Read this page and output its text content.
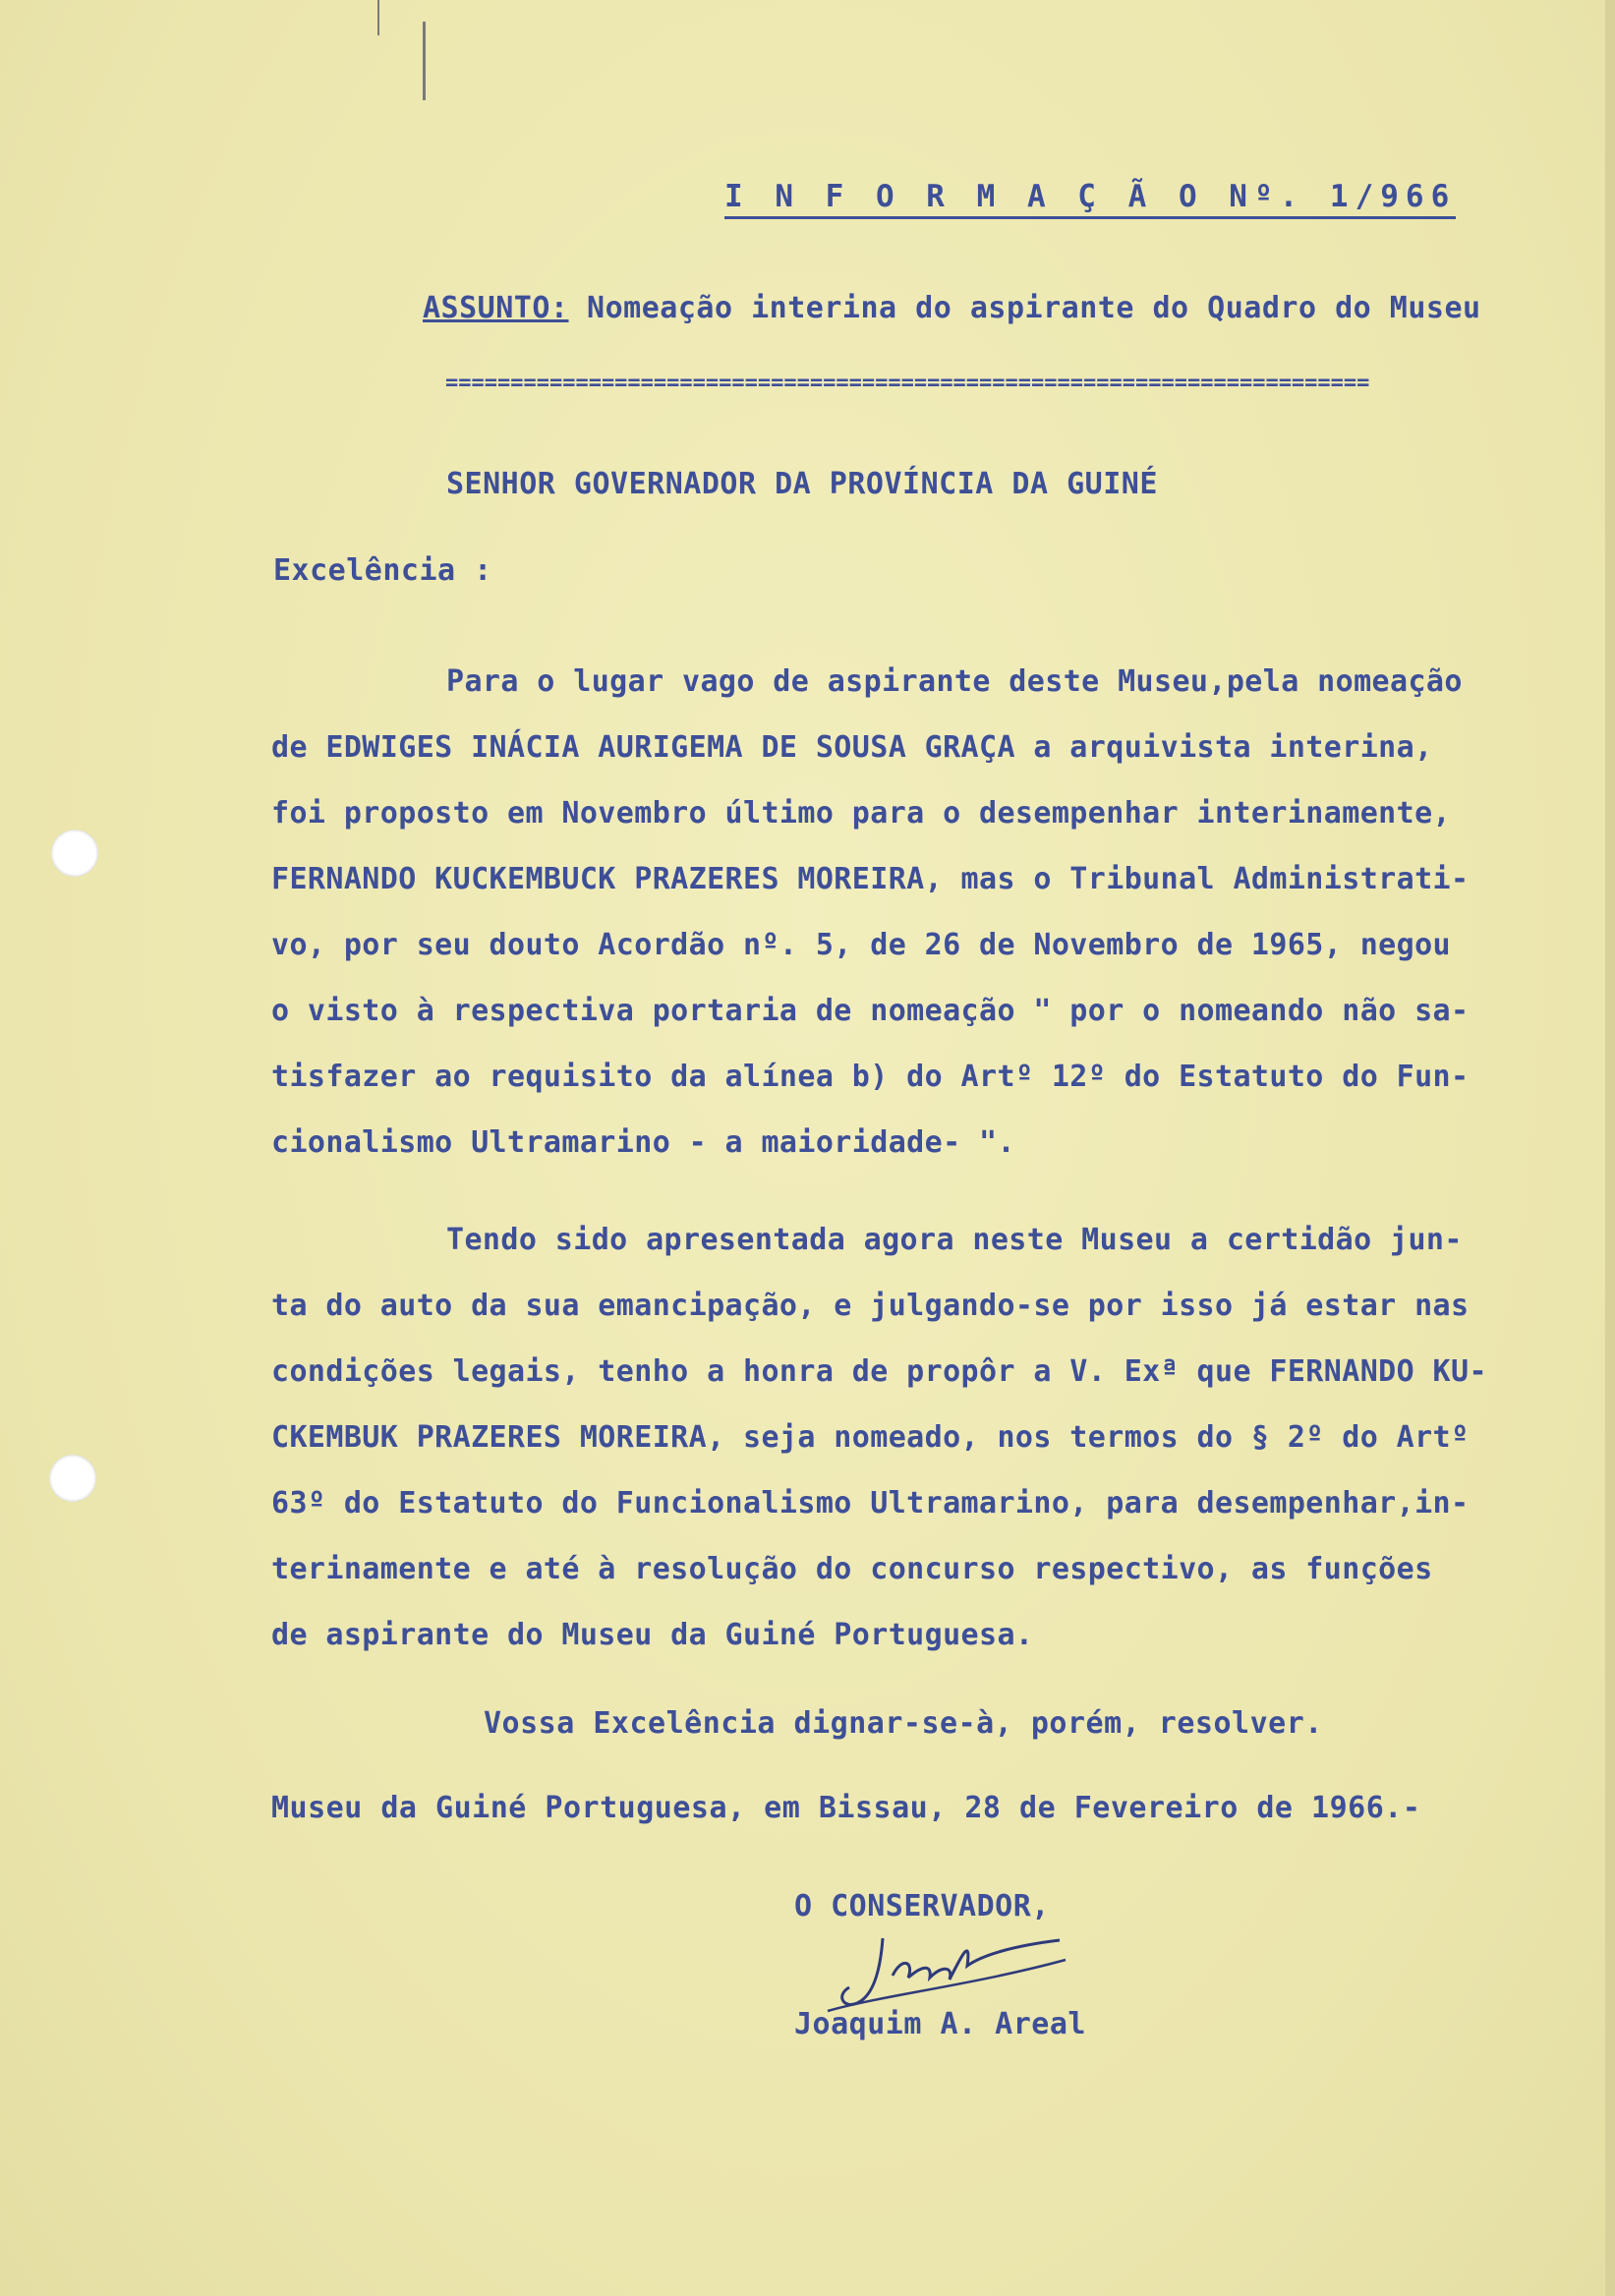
I N F O R M A Ç Ã O Nº. 1/966
ASSUNTO: Nomeação interina do aspirante do Quadro do Museu
=======================================================================
SENHOR GOVERNADOR DA PROVÍNCIA DA GUINÉ
Excelência :
Para o lugar vago de aspirante deste Museu,pela nomeação
de EDWIGES INÁCIA AURIGEMA DE SOUSA GRAÇA a arquivista interina,
foi proposto em Novembro último para o desempenhar interinamente,
FERNANDO KUCKEMBUCK PRAZERES MOREIRA, mas o Tribunal Administrati-
vo, por seu douto Acordão nº. 5, de 26 de Novembro de 1965, negou
o visto à respectiva portaria de nomeação " por o nomeando não sa-
tisfazer ao requisito da alínea b) do Artº 12º do Estatuto do Fun-
cionalismo Ultramarino - a maioridade- ".
Tendo sido apresentada agora neste Museu a certidão jun-
ta do auto da sua emancipação, e julgando-se por isso já estar nas
condições legais, tenho a honra de propôr a V. Exª que FERNANDO KU-
CKEMBUK PRAZERES MOREIRA, seja nomeado, nos termos do § 2º do Artº
63º do Estatuto do Funcionalismo Ultramarino, para desempenhar,in-
terinamente e até à resolução do concurso respectivo, as funções
de aspirante do Museu da Guiné Portuguesa.
Vossa Excelência dignar-se-à, porém, resolver.
Museu da Guiné Portuguesa, em Bissau, 28 de Fevereiro de 1966.-
O CONSERVADOR,
Joaquim A. Areal
